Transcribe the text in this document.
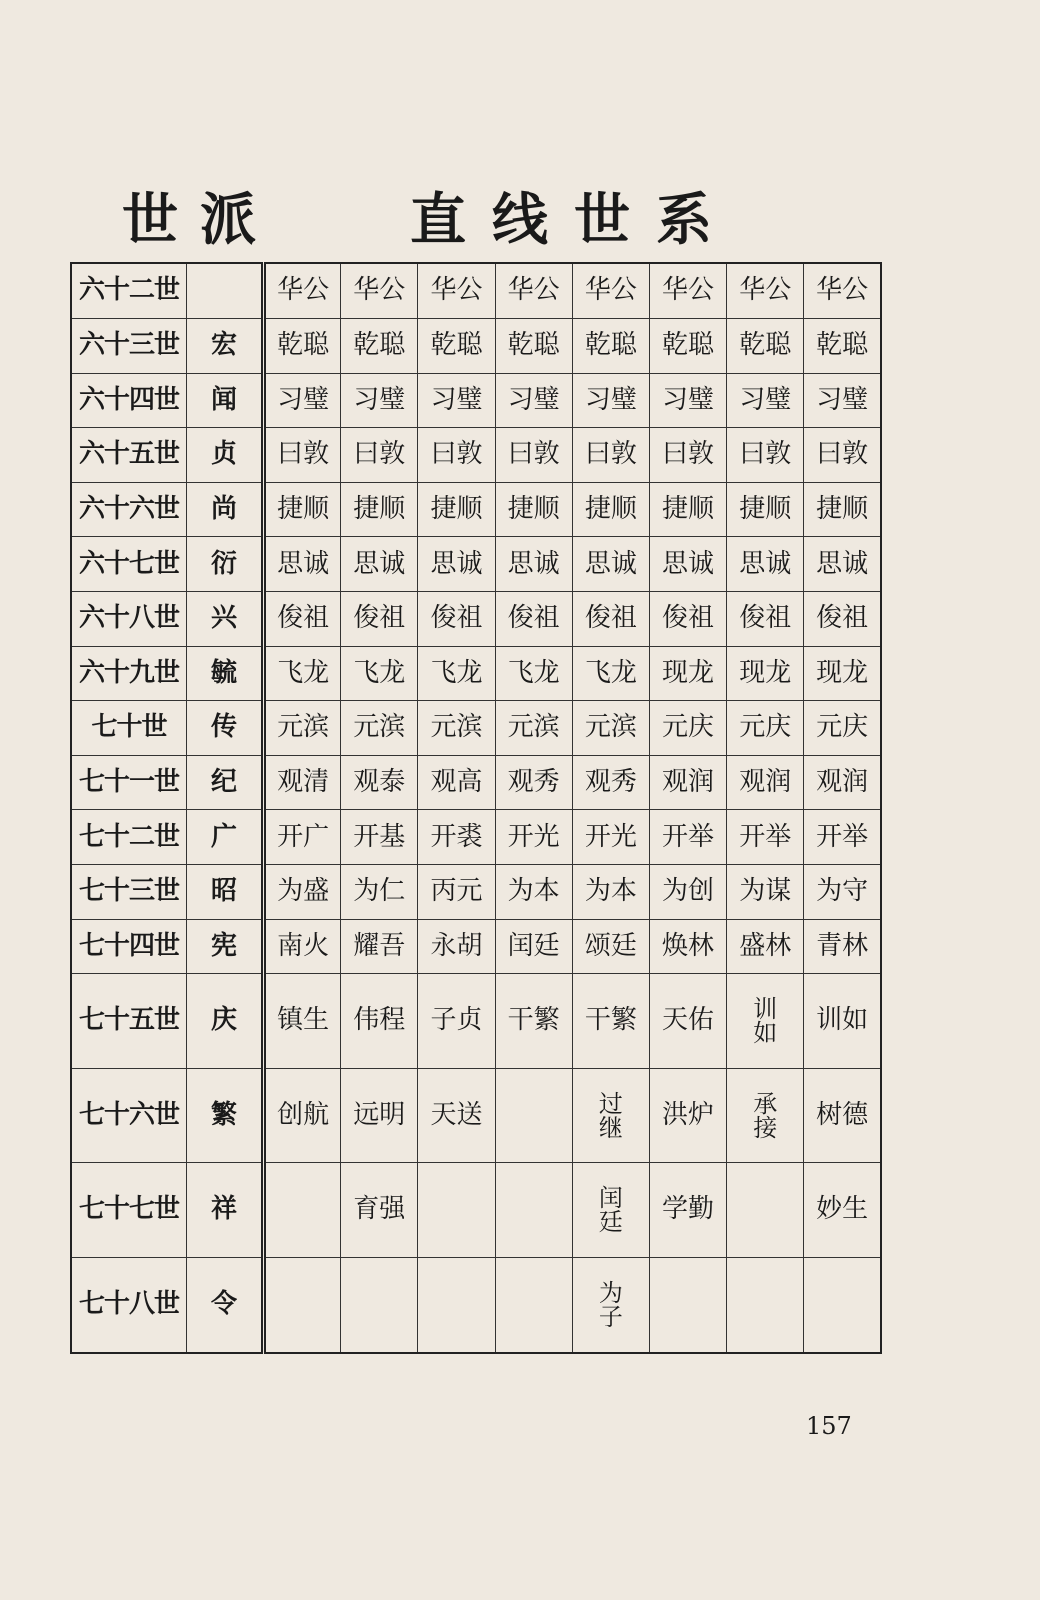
世派 直线世系
六十二世		华公	华公	华公	华公	华公	华公	华公	华公
六十三世	宏	乾聪	乾聪	乾聪	乾聪	乾聪	乾聪	乾聪	乾聪
六十四世	闻	习璧	习璧	习璧	习璧	习璧	习璧	习璧	习璧
六十五世	贞	曰敦	曰敦	曰敦	曰敦	曰敦	曰敦	曰敦	曰敦
六十六世	尚	捷顺	捷顺	捷顺	捷顺	捷顺	捷顺	捷顺	捷顺
六十七世	衍	思诚	思诚	思诚	思诚	思诚	思诚	思诚	思诚
六十八世	兴	俊祖	俊祖	俊祖	俊祖	俊祖	俊祖	俊祖	俊祖
六十九世	毓	飞龙	飞龙	飞龙	飞龙	飞龙	现龙	现龙	现龙
七十世	传	元滨	元滨	元滨	元滨	元滨	元庆	元庆	元庆
七十一世	纪	观清	观泰	观高	观秀	观秀	观润	观润	观润
七十二世	广	开广	开基	开裘	开光	开光	开举	开举	开举
七十三世	昭	为盛	为仁	丙元	为本	为本	为创	为谋	为守
七十四世	宪	南火	耀吾	永胡	闰廷	颂廷	焕林	盛林	青林
七十五世	庆	镇生	伟程	子贞	干繁	干繁	天佑	训如	训如
七十六世	繁	创航	远明	天送		过继	洪炉	承接	树德
七十七世	祥		育强			闰廷	学勤		妙生
七十八世	令					为子			

157
